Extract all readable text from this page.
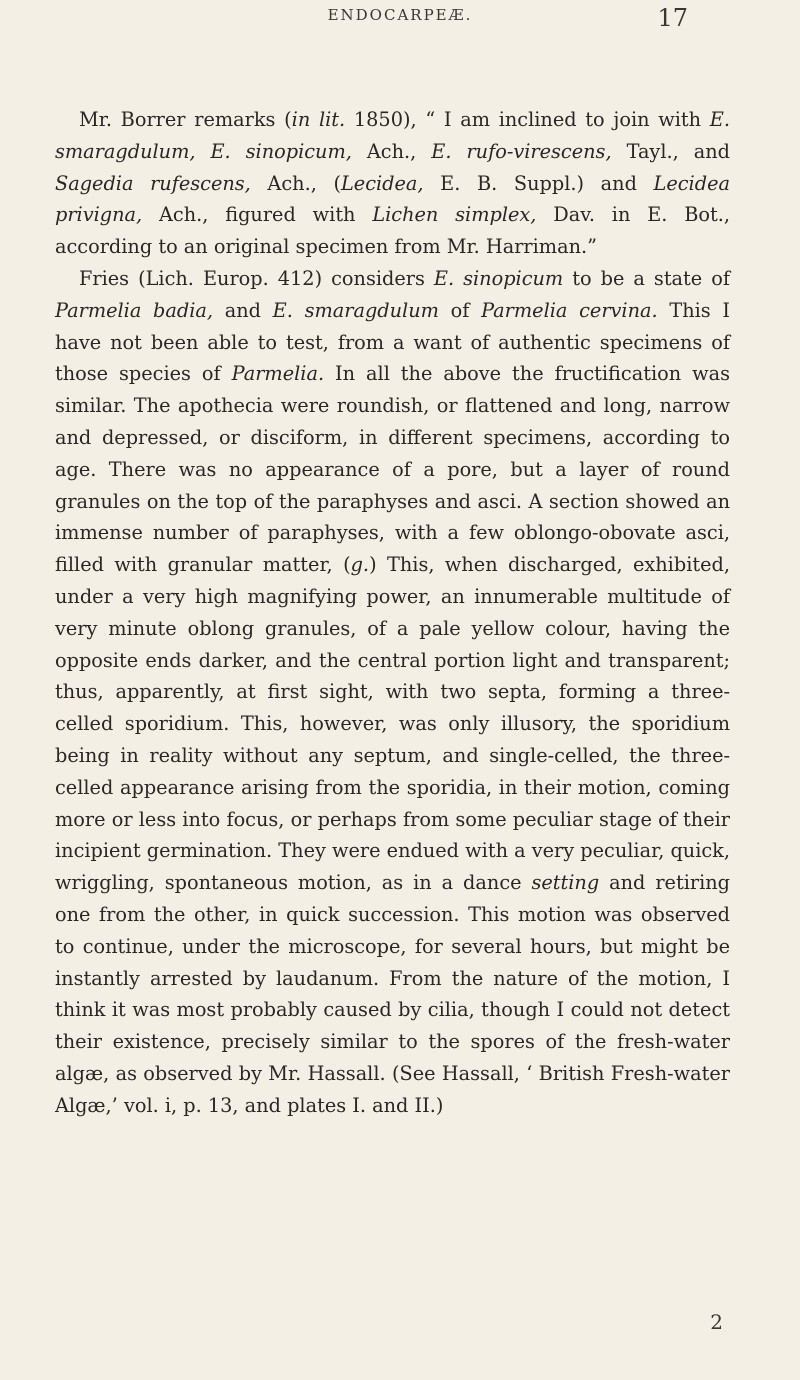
ENDOCARPEÆ.	17

Mr. Borrer remarks (in lit. 1850), “ I am inclined to join with E. smaragdulum, E. sinopicum, Ach., E. rufo-virescens, Tayl., and Sagedia rufescens, Ach., (Lecidea, E. B. Suppl.) and Lecidea privigna, Ach., figured with Lichen simplex, Dav. in E. Bot., according to an original specimen from Mr. Harriman.”

Fries (Lich. Europ. 412) considers E. sinopicum to be a state of Parmelia badia, and E. smaragdulum of Parmelia cervina. This I have not been able to test, from a want of authentic specimens of those species of Parmelia. In all the above the fructification was similar. The apothecia were roundish, or flattened and long, narrow and depressed, or disciform, in different specimens, according to age. There was no appearance of a pore, but a layer of round granules on the top of the paraphyses and asci. A section showed an immense number of paraphyses, with a few oblongo-obovate asci, filled with granular matter, (g.) This, when discharged, exhibited, under a very high magnifying power, an innumerable multitude of very minute oblong granules, of a pale yellow colour, having the opposite ends darker, and the central portion light and transparent; thus, apparently, at first sight, with two septa, forming a three-celled sporidium. This, however, was only illusory, the sporidium being in reality without any septum, and single-celled, the three-celled appearance arising from the sporidia, in their motion, coming more or less into focus, or perhaps from some peculiar stage of their incipient germination. They were endued with a very peculiar, quick, wriggling, spontaneous motion, as in a dance setting and retiring one from the other, in quick succession. This motion was observed to continue, under the microscope, for several hours, but might be instantly arrested by laudanum. From the nature of the motion, I think it was most probably caused by cilia, though I could not detect their existence, precisely similar to the spores of the fresh-water algæ, as observed by Mr. Hassall. (See Hassall, ‘ British Fresh-water Algæ,’ vol. i, p. 13, and plates I. and II.)

2
